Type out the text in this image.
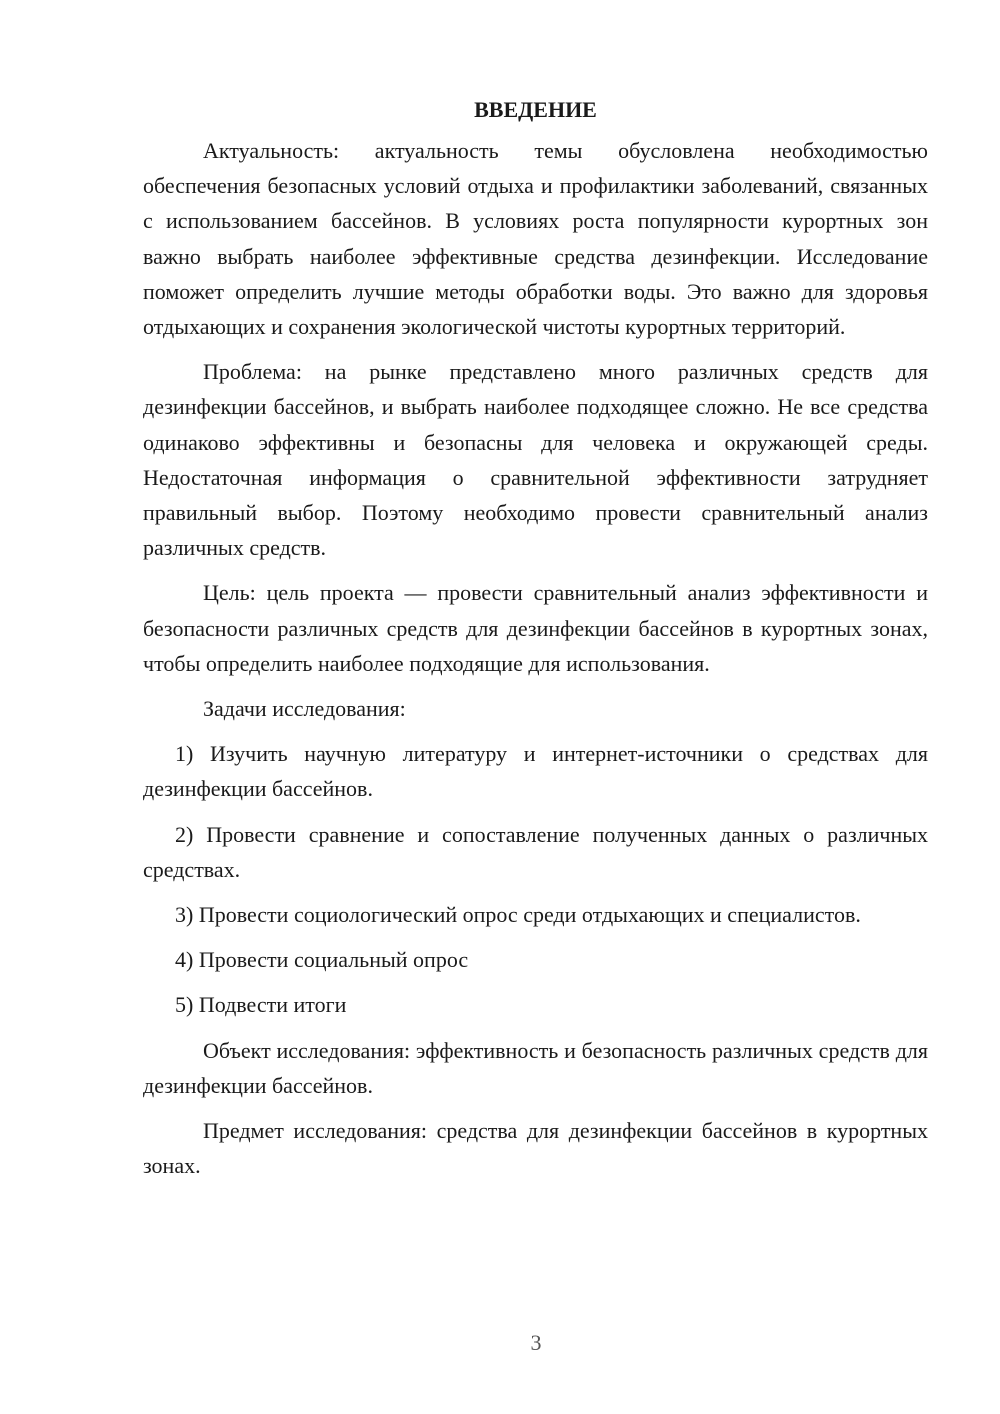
ВВЕДЕНИЕ

Актуальность: актуальность темы обусловлена необходимостью обеспечения безопасных условий отдыха и профилактики заболеваний, связанных с использованием бассейнов. В условиях роста популярности курортных зон важно выбрать наиболее эффективные средства дезинфекции. Исследование поможет определить лучшие методы обработки воды. Это важно для здоровья отдыхающих и сохранения экологической чистоты курортных территорий.

Проблема: на рынке представлено много различных средств для дезинфекции бассейнов, и выбрать наиболее подходящее сложно. Не все средства одинаково эффективны и безопасны для человека и окружающей среды. Недостаточная информация о сравнительной эффективности затрудняет правильный выбор. Поэтому необходимо провести сравнительный анализ различных средств.

Цель: цель проекта — провести сравнительный анализ эффективности и безопасности различных средств для дезинфекции бассейнов в курортных зонах, чтобы определить наиболее подходящие для использования.

Задачи исследования:

1) Изучить научную литературу и интернет-источники о средствах для дезинфекции бассейнов.

2) Провести сравнение и сопоставление полученных данных о различных средствах.

3) Провести социологический опрос среди отдыхающих и специалистов.

4) Провести социальный опрос

5) Подвести итоги

Объект исследования: эффективность и безопасность различных средств для дезинфекции бассейнов.

Предмет исследования: средства для дезинфекции бассейнов в курортных зонах.

3
